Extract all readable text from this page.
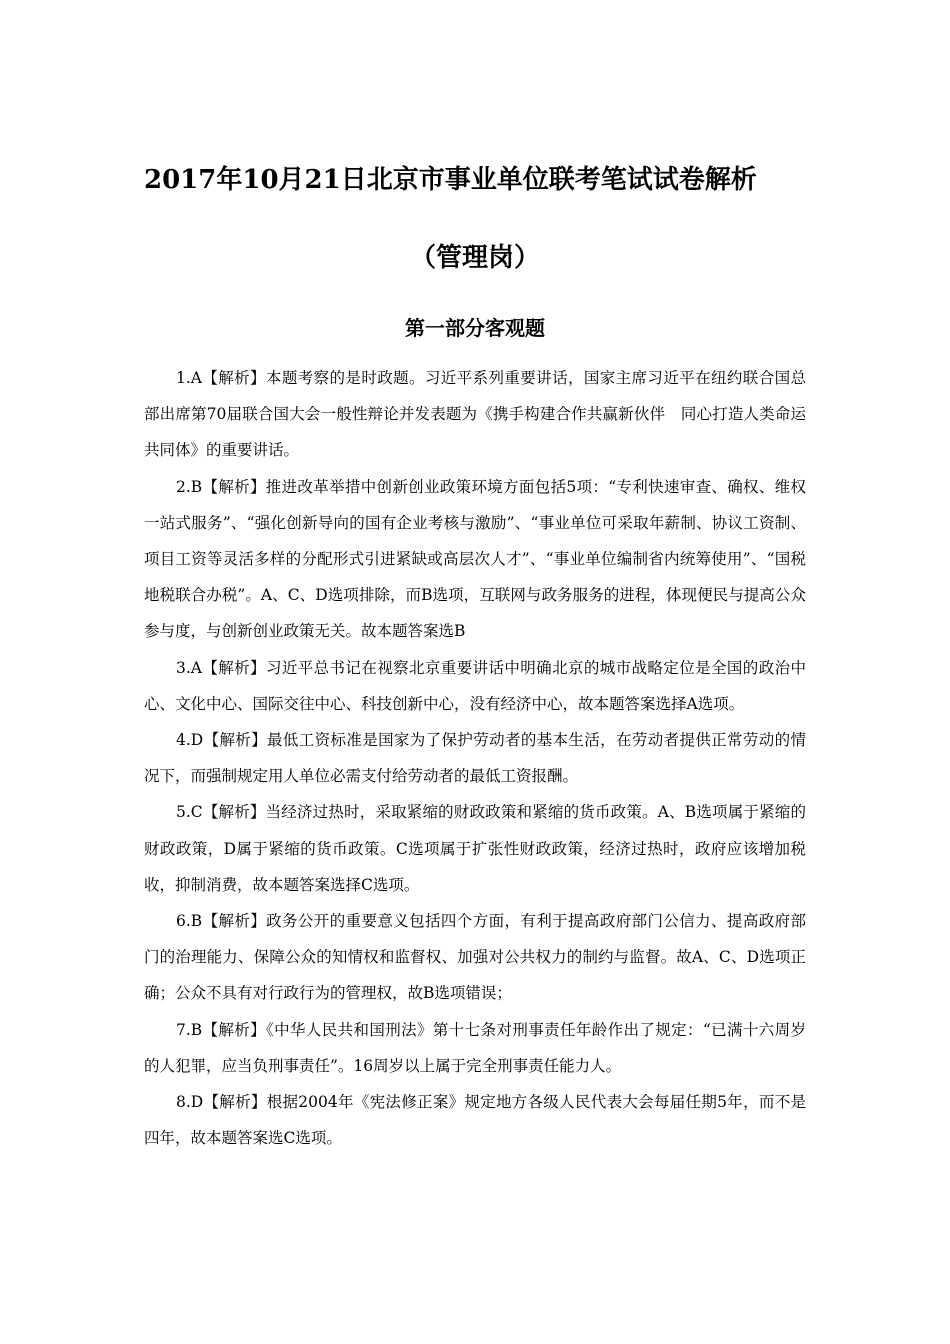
2017年10月21日北京市事业单位联考笔试试卷解析
（管理岗）
第一部分客观题

1.A【解析】本题考察的是时政题。习近平系列重要讲话，国家主席习近平在纽约联合国总部出席第70届联合国大会一般性辩论并发表题为《携手构建合作共赢新伙伴　同心打造人类命运共同体》的重要讲话。

2.B【解析】推进改革举措中创新创业政策环境方面包括5项：“专利快速审查、确权、维权一站式服务”、“强化创新导向的国有企业考核与激励”、“事业单位可采取年薪制、协议工资制、项目工资等灵活多样的分配形式引进紧缺或高层次人才”、“事业单位编制省内统筹使用”、“国税地税联合办税”。A、C、D选项排除，而B选项，互联网与政务服务的进程，体现便民与提高公众参与度，与创新创业政策无关。故本题答案选B

3.A【解析】习近平总书记在视察北京重要讲话中明确北京的城市战略定位是全国的政治中心、文化中心、国际交往中心、科技创新中心，没有经济中心，故本题答案选择A选项。

4.D【解析】最低工资标准是国家为了保护劳动者的基本生活，在劳动者提供正常劳动的情况下，而强制规定用人单位必需支付给劳动者的最低工资报酬。

5.C【解析】当经济过热时，采取紧缩的财政政策和紧缩的货币政策。A、B选项属于紧缩的财政政策，D属于紧缩的货币政策。C选项属于扩张性财政政策，经济过热时，政府应该增加税收，抑制消费，故本题答案选择C选项。

6.B【解析】政务公开的重要意义包括四个方面，有利于提高政府部门公信力、提高政府部门的治理能力、保障公众的知情权和监督权、加强对公共权力的制约与监督。故A、C、D选项正确；公众不具有对行政行为的管理权，故B选项错误；

7.B【解析】《中华人民共和国刑法》第十七条对刑事责任年龄作出了规定：“已满十六周岁的人犯罪，应当负刑事责任”。16周岁以上属于完全刑事责任能力人。

8.D【解析】根据2004年《宪法修正案》规定地方各级人民代表大会每届任期5年，而不是四年，故本题答案选C选项。
